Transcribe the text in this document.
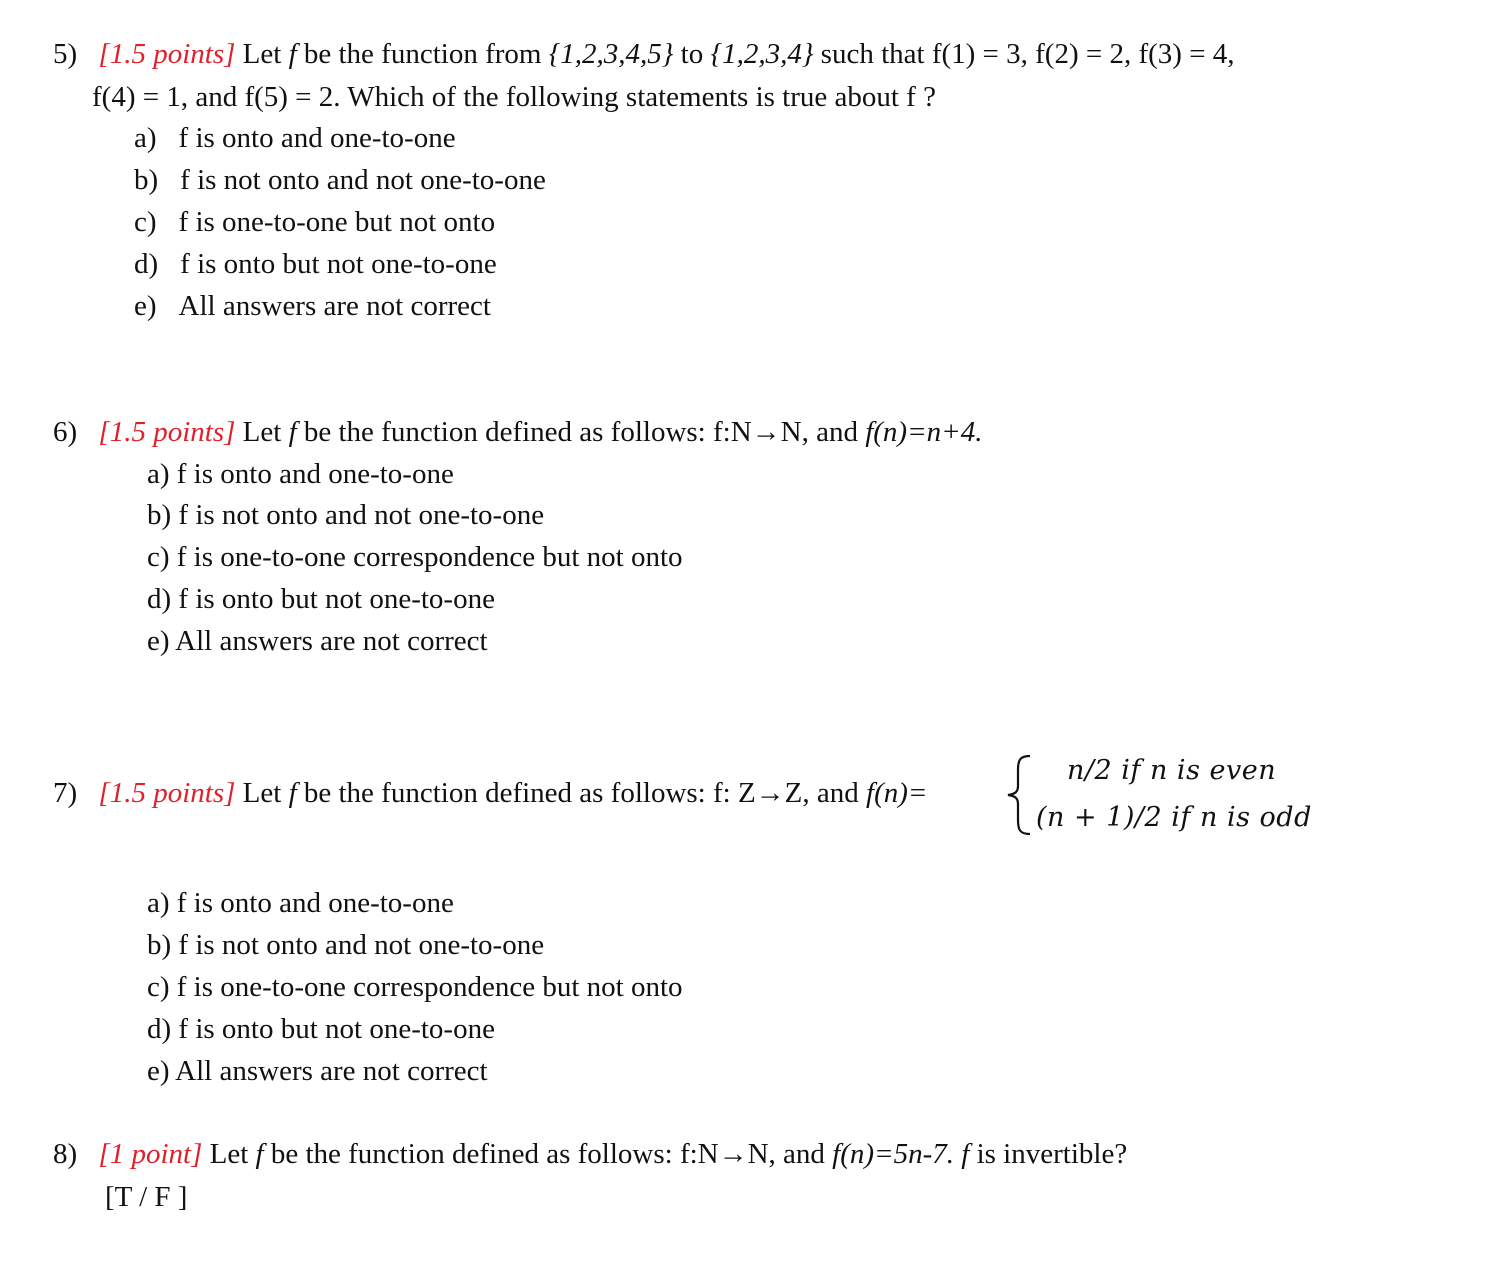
5) [1.5 points] Let f be the function from {1,2,3,4,5} to {1,2,3,4} such that f(1) = 3, f(2) = 2, f(3) = 4,
f(4) = 1, and f(5) = 2. Which of the following statements is true about f ?
a) f is onto and one-to-one
b) f is not onto and not one-to-one
c) f is one-to-one but not onto
d) f is onto but not one-to-one
e) All answers are not correct
6) [1.5 points] Let f be the function defined as follows: f:N→N, and f(n)=n+4.
a) f is onto and one-to-one
b) f is not onto and not one-to-one
c) f is one-to-one correspondence but not onto
d) f is onto but not one-to-one
e) All answers are not correct
7) [1.5 points] Let f be the function defined as follows: f: Z→Z, and f(n)=
n/2 if n is even
(n + 1)/2 if n is odd
a) f is onto and one-to-one
b) f is not onto and not one-to-one
c) f is one-to-one correspondence but not onto
d) f is onto but not one-to-one
e) All answers are not correct
8) [1 point] Let f be the function defined as follows: f:N→N, and f(n)=5n-7. f is invertible?
[T / F ]
